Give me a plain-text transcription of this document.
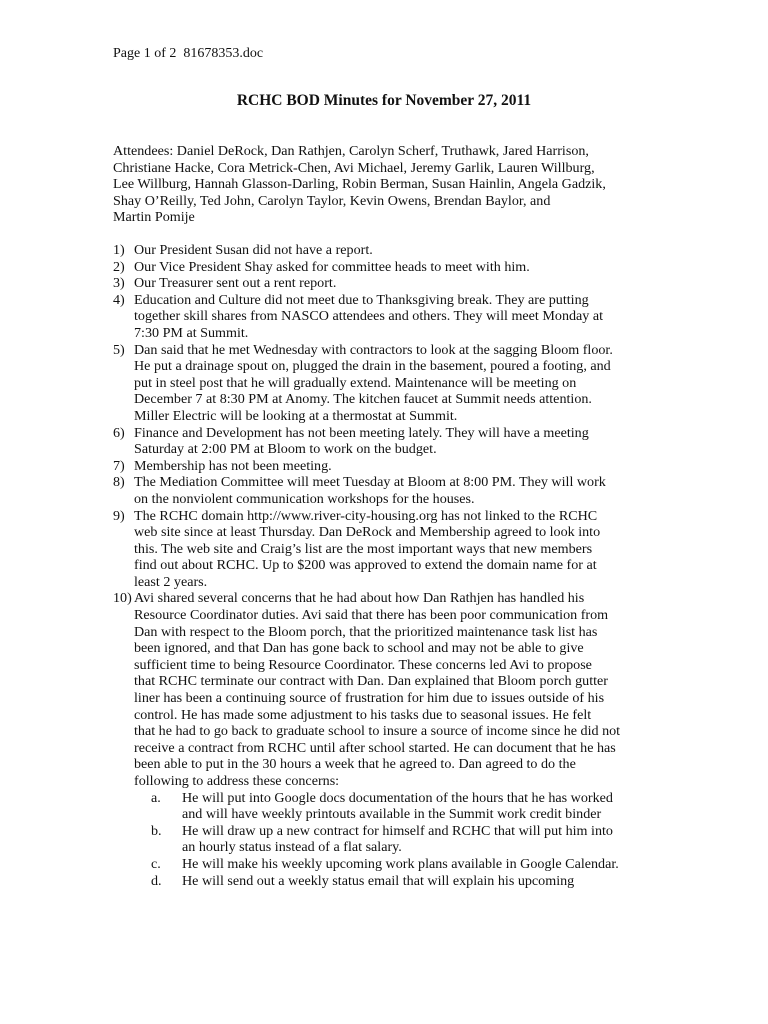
Page 1 of 2  81678353.doc
RCHC BOD Minutes for November 27, 2011
Attendees: Daniel DeRock, Dan Rathjen, Carolyn Scherf, Truthawk, Jared Harrison,
Christiane Hacke, Cora Metrick-Chen, Avi Michael, Jeremy Garlik, Lauren Willburg,
Lee Willburg, Hannah Glasson-Darling, Robin Berman, Susan Hainlin, Angela Gadzik,
Shay O’Reilly, Ted John, Carolyn Taylor, Kevin Owens, Brendan Baylor, and
Martin Pomije
1) Our President Susan did not have a report.
2) Our Vice President Shay asked for committee heads to meet with him.
3) Our Treasurer sent out a rent report.
4) Education and Culture did not meet due to Thanksgiving break. They are putting
together skill shares from NASCO attendees and others. They will meet Monday at
7:30 PM at Summit.
5) Dan said that he met Wednesday with contractors to look at the sagging Bloom floor.
He put a drainage spout on, plugged the drain in the basement, poured a footing, and
put in steel post that he will gradually extend. Maintenance will be meeting on
December 7 at 8:30 PM at Anomy. The kitchen faucet at Summit needs attention.
Miller Electric will be looking at a thermostat at Summit.
6) Finance and Development has not been meeting lately. They will have a meeting
Saturday at 2:00 PM at Bloom to work on the budget.
7) Membership has not been meeting.
8) The Mediation Committee will meet Tuesday at Bloom at 8:00 PM. They will work
on the nonviolent communication workshops for the houses.
9) The RCHC domain http://www.river-city-housing.org has not linked to the RCHC
web site since at least Thursday. Dan DeRock and Membership agreed to look into
this. The web site and Craig’s list are the most important ways that new members
find out about RCHC. Up to $200 was approved to extend the domain name for at
least 2 years.
10) Avi shared several concerns that he had about how Dan Rathjen has handled his
Resource Coordinator duties. Avi said that there has been poor communication from
Dan with respect to the Bloom porch, that the prioritized maintenance task list has
been ignored, and that Dan has gone back to school and may not be able to give
sufficient time to being Resource Coordinator. These concerns led Avi to propose
that RCHC terminate our contract with Dan. Dan explained that Bloom porch gutter
liner has been a continuing source of frustration for him due to issues outside of his
control. He has made some adjustment to his tasks due to seasonal issues. He felt
that he had to go back to graduate school to insure a source of income since he did not
receive a contract from RCHC until after school started. He can document that he has
been able to put in the 30 hours a week that he agreed to. Dan agreed to do the
following to address these concerns:
a. He will put into Google docs documentation of the hours that he has worked
and will have weekly printouts available in the Summit work credit binder
b. He will draw up a new contract for himself and RCHC that will put him into
an hourly status instead of a flat salary.
c. He will make his weekly upcoming work plans available in Google Calendar.
d. He will send out a weekly status email that will explain his upcoming
